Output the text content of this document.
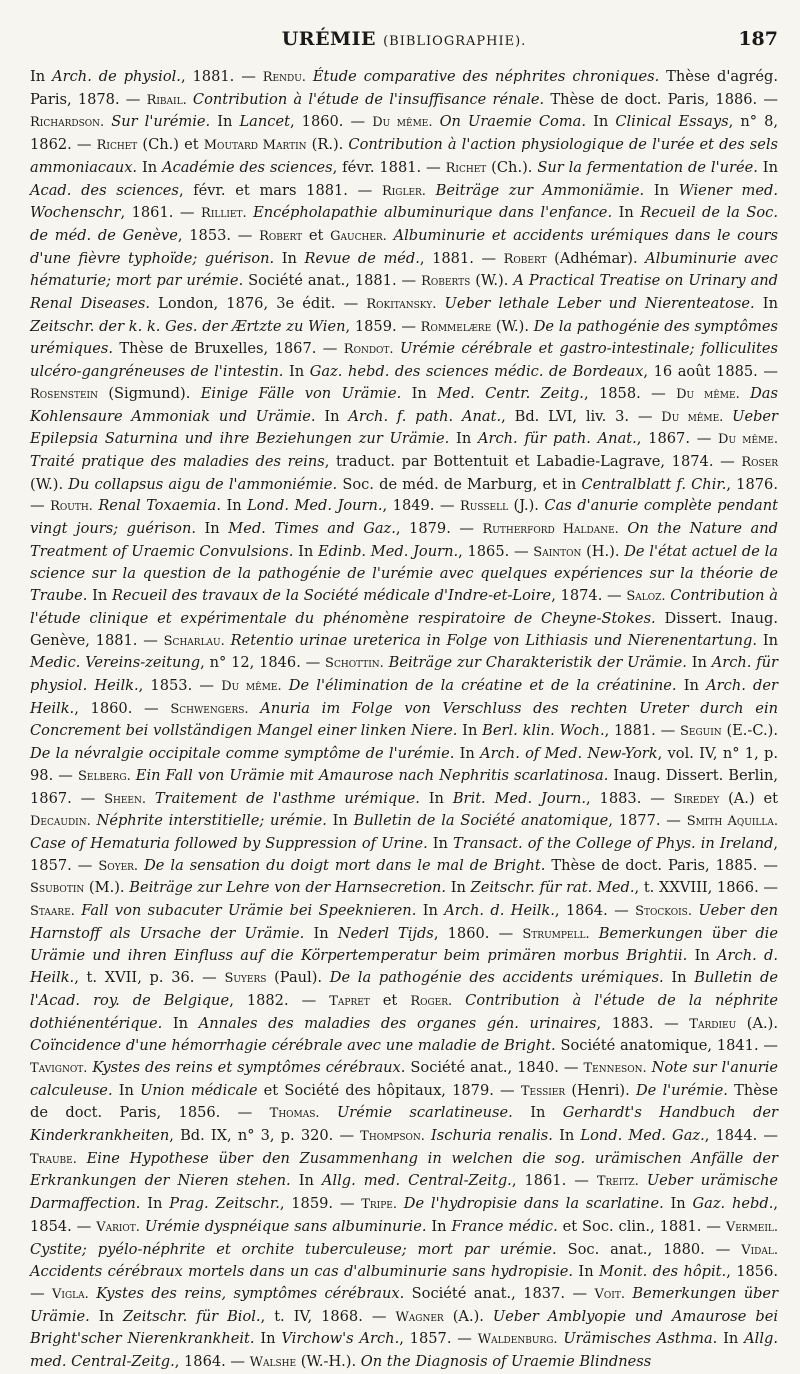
URÉMIE (BIBLIOGRAPHIE).	187
In Arch. de physiol., 1881. — Rendu. Étude comparative des néphrites chroniques. Thèse d'agrég. Paris, 1878. — Ribail. Contribution à l'étude de l'insuffisance rénale. Thèse de doct. Paris, 1886. — Richardson. Sur l'urémie. In Lancet, 1860. — Du même. On Uraemie Coma. In Clinical Essays, n° 8, 1862. — Richet (Ch.) et Moutard Martin (R.). Contribution à l'action physiologique de l'urée et des sels ammoniacaux. In Académie des sciences, févr. 1881. — Richet (Ch.). Sur la fermentation de l'urée. In Acad. des sciences, févr. et mars 1881. — Rigler. Beiträge zur Ammoniämie. In Wiener med. Wochenschr, 1861. — Rilliet. Encépholapathie albuminurique dans l'enfance. In Recueil de la Soc. de méd. de Genève, 1853. — Robert et Gaucher. Albuminurie et accidents urémiques dans le cours d'une fièvre typhoïde; guérison. In Revue de méd., 1881. — Robert (Adhémar). Albuminurie avec hématurie; mort par urémie. Société anat., 1881. — Roberts (W.). A Practical Treatise on Urinary and Renal Diseases. London, 1876, 3e édit. — Rokitansky. Ueber lethale Leber und Nierenteatose. In Zeitschr. der k. k. Ges. der Ærtzte zu Wien, 1859. — Rommelære (W.). De la pathogénie des symptômes urémiques. Thèse de Bruxelles, 1867. — Rondot. Urémie cérébrale et gastro-intestinale; folliculites ulcéro-gangréneuses de l'intestin. In Gaz. hebd. des sciences médic. de Bordeaux, 16 août 1885. — Rosenstein (Sigmund). Einige Fälle von Urämie. In Med. Centr. Zeitg., 1858. — Du même. Das Kohlensaure Ammoniak und Urämie. In Arch. f. path. Anat., Bd. LVI, liv. 3. — Du même. Ueber Epilepsia Saturnina und ihre Beziehungen zur Urämie. In Arch. für path. Anat., 1867. — Du même. Traité pratique des maladies des reins, traduct. par Bottentuit et Labadie-Lagrave, 1874. — Roser (W.). Du collapsus aigu de l'ammoniémie. Soc. de méd. de Marburg, et in Centralblatt f. Chir., 1876. — Routh. Renal Toxaemia. In Lond. Med. Journ., 1849. — Russell (J.). Cas d'anurie complète pendant vingt jours; guérison. In Med. Times and Gaz., 1879. — Rutherford Haldane. On the Nature and Treatment of Uraemic Convulsions. In Edinb. Med. Journ., 1865. — Sainton (H.). De l'état actuel de la science sur la question de la pathogénie de l'urémie avec quelques expériences sur la théorie de Traube. In Recueil des travaux de la Société médicale d'Indre-et-Loire, 1874. — Saloz. Contribution à l'étude clinique et expérimentale du phénomène respiratoire de Cheyne-Stokes. Dissert. Inaug. Genève, 1881. — Scharlau. Retentio urinae ureterica in Folge von Lithiasis und Nierenentartung. In Medic. Vereins-zeitung, n° 12, 1846. — Schottin. Beiträge zur Charakteristik der Urämie. In Arch. für physiol. Heilk., 1853. — Du même. De l'élimination de la créatine et de la créatinine. In Arch. der Heilk., 1860. — Schwengers. Anuria im Folge von Verschluss des rechten Ureter durch ein Concrement bei vollständigen Mangel einer linken Niere. In Berl. klin. Woch., 1881. — Seguin (E.-C.). De la névralgie occipitale comme symptôme de l'urémie. In Arch. of Med. New-York, vol. IV, n° 1, p. 98. — Selberg. Ein Fall von Urämie mit Amaurose nach Nephritis scarlatinosa. Inaug. Dissert. Berlin, 1867. — Sheen. Traitement de l'asthme urémique. In Brit. Med. Journ., 1883. — Siredey (A.) et Decaudin. Néphrite interstitielle; urémie. In Bulletin de la Société anatomique, 1877. — Smith Aquilla. Case of Hematuria followed by Suppression of Urine. In Transact. of the College of Phys. in Ireland, 1857. — Soyer. De la sensation du doigt mort dans le mal de Bright. Thèse de doct. Paris, 1885. — Ssubotin (M.). Beiträge zur Lehre von der Harnsecretion. In Zeitschr. für rat. Med., t. XXVIII, 1866. — Staare. Fall von subacuter Urämie bei Speeknieren. In Arch. d. Heilk., 1864. — Stockois. Ueber den Harnstoff als Ursache der Urämie. In Nederl Tijds, 1860. — Strumpell. Bemerkungen über die Urämie und ihren Einfluss auf die Körpertemperatur beim primären morbus Brightii. In Arch. d. Heilk., t. XVII, p. 36. — Suyers (Paul). De la pathogénie des accidents urémiques. In Bulletin de l'Acad. roy. de Belgique, 1882. — Tapret et Roger. Contribution à l'étude de la néphrite dothiénentérique. In Annales des maladies des organes gén. urinaires, 1883. — Tardieu (A.). Coïncidence d'une hémorrhagie cérébrale avec une maladie de Bright. Société anatomique, 1841. — Tavignot. Kystes des reins et symptômes cérébraux. Société anat., 1840. — Tenneson. Note sur l'anurie calculeuse. In Union médicale et Société des hôpitaux, 1879. — Tessier (Henri). De l'urémie. Thèse de doct. Paris, 1856. — Thomas. Urémie scarlatineuse. In Gerhardt's Handbuch der Kinderkrankheiten, Bd. IX, n° 3, p. 320. — Thompson. Ischuria renalis. In Lond. Med. Gaz., 1844. — Traube. Eine Hypothese über den Zusammenhang in welchen die sog. urämischen Anfälle der Erkrankungen der Nieren stehen. In Allg. med. Central-Zeitg., 1861. — Treitz. Ueber urämische Darmaffection. In Prag. Zeitschr., 1859. — Tripe. De l'hydropisie dans la scarlatine. In Gaz. hebd., 1854. — Variot. Urémie dyspnéique sans albuminurie. In France médic. et Soc. clin., 1881. — Vermeil. Cystite; pyélo-néphrite et orchite tuberculeuse; mort par urémie. Soc. anat., 1880. — Vidal. Accidents cérébraux mortels dans un cas d'albuminurie sans hydropisie. In Monit. des hôpit., 1856. — Vigla. Kystes des reins, symptômes cérébraux. Société anat., 1837. — Voit. Bemerkungen über Urämie. In Zeitschr. für Biol., t. IV, 1868. — Wagner (A.). Ueber Amblyopie und Amaurose bei Bright'scher Nierenkrankheit. In Virchow's Arch., 1857. — Waldenburg. Urämisches Asthma. In Allg. med. Central-Zeitg., 1864. — Walshe (W.-H.). On the Diagnosis of Uraemie Blindness
